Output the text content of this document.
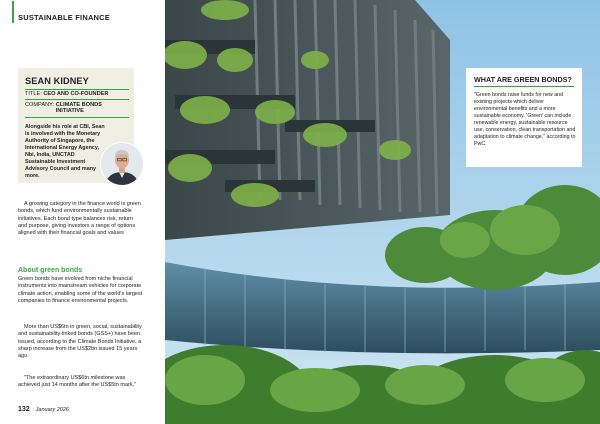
SUSTAINABLE FINANCE
SEAN KIDNEY
TITLE: CEO AND CO-FOUNDER
COMPANY: CLIMATE BONDS INITIATIVE
Alongside his role at CBI, Sean is involved with the Monetary Authority of Singapore, the International Energy Agency, Nbi, India, UNCTAD Sustainable Investment Advisory Council and many more.
A growing category in the finance world is green bonds, which fund environmentally sustainable initiatives. Each bond type balances risk, return and purpose, giving investors a range of options aligned with their financial goals and values
About green bonds
Green bonds have evolved from niche financial instruments into mainstream vehicles for corporate climate action, enabling some of the world's largest companies to finance environmental projects.
More than US$6tn in green, social, sustainability and sustainability-linked bonds (GSS+) have been issued, according to the Climate Bonds Initiative, a sharp increase from the US$2bn issued 15 years ago.
"The extraordinary US$6tn milestone was achieved just 14 months after the US$5tn mark,"
132 January 2026
WHAT ARE GREEN BONDS?
"Green bonds raise funds for new and existing projects which deliver environmental benefits and a more sustainable economy. 'Green' can include renewable energy, sustainable resource use, conservation, clean transportation and adaptation to climate change," according to PwC.
